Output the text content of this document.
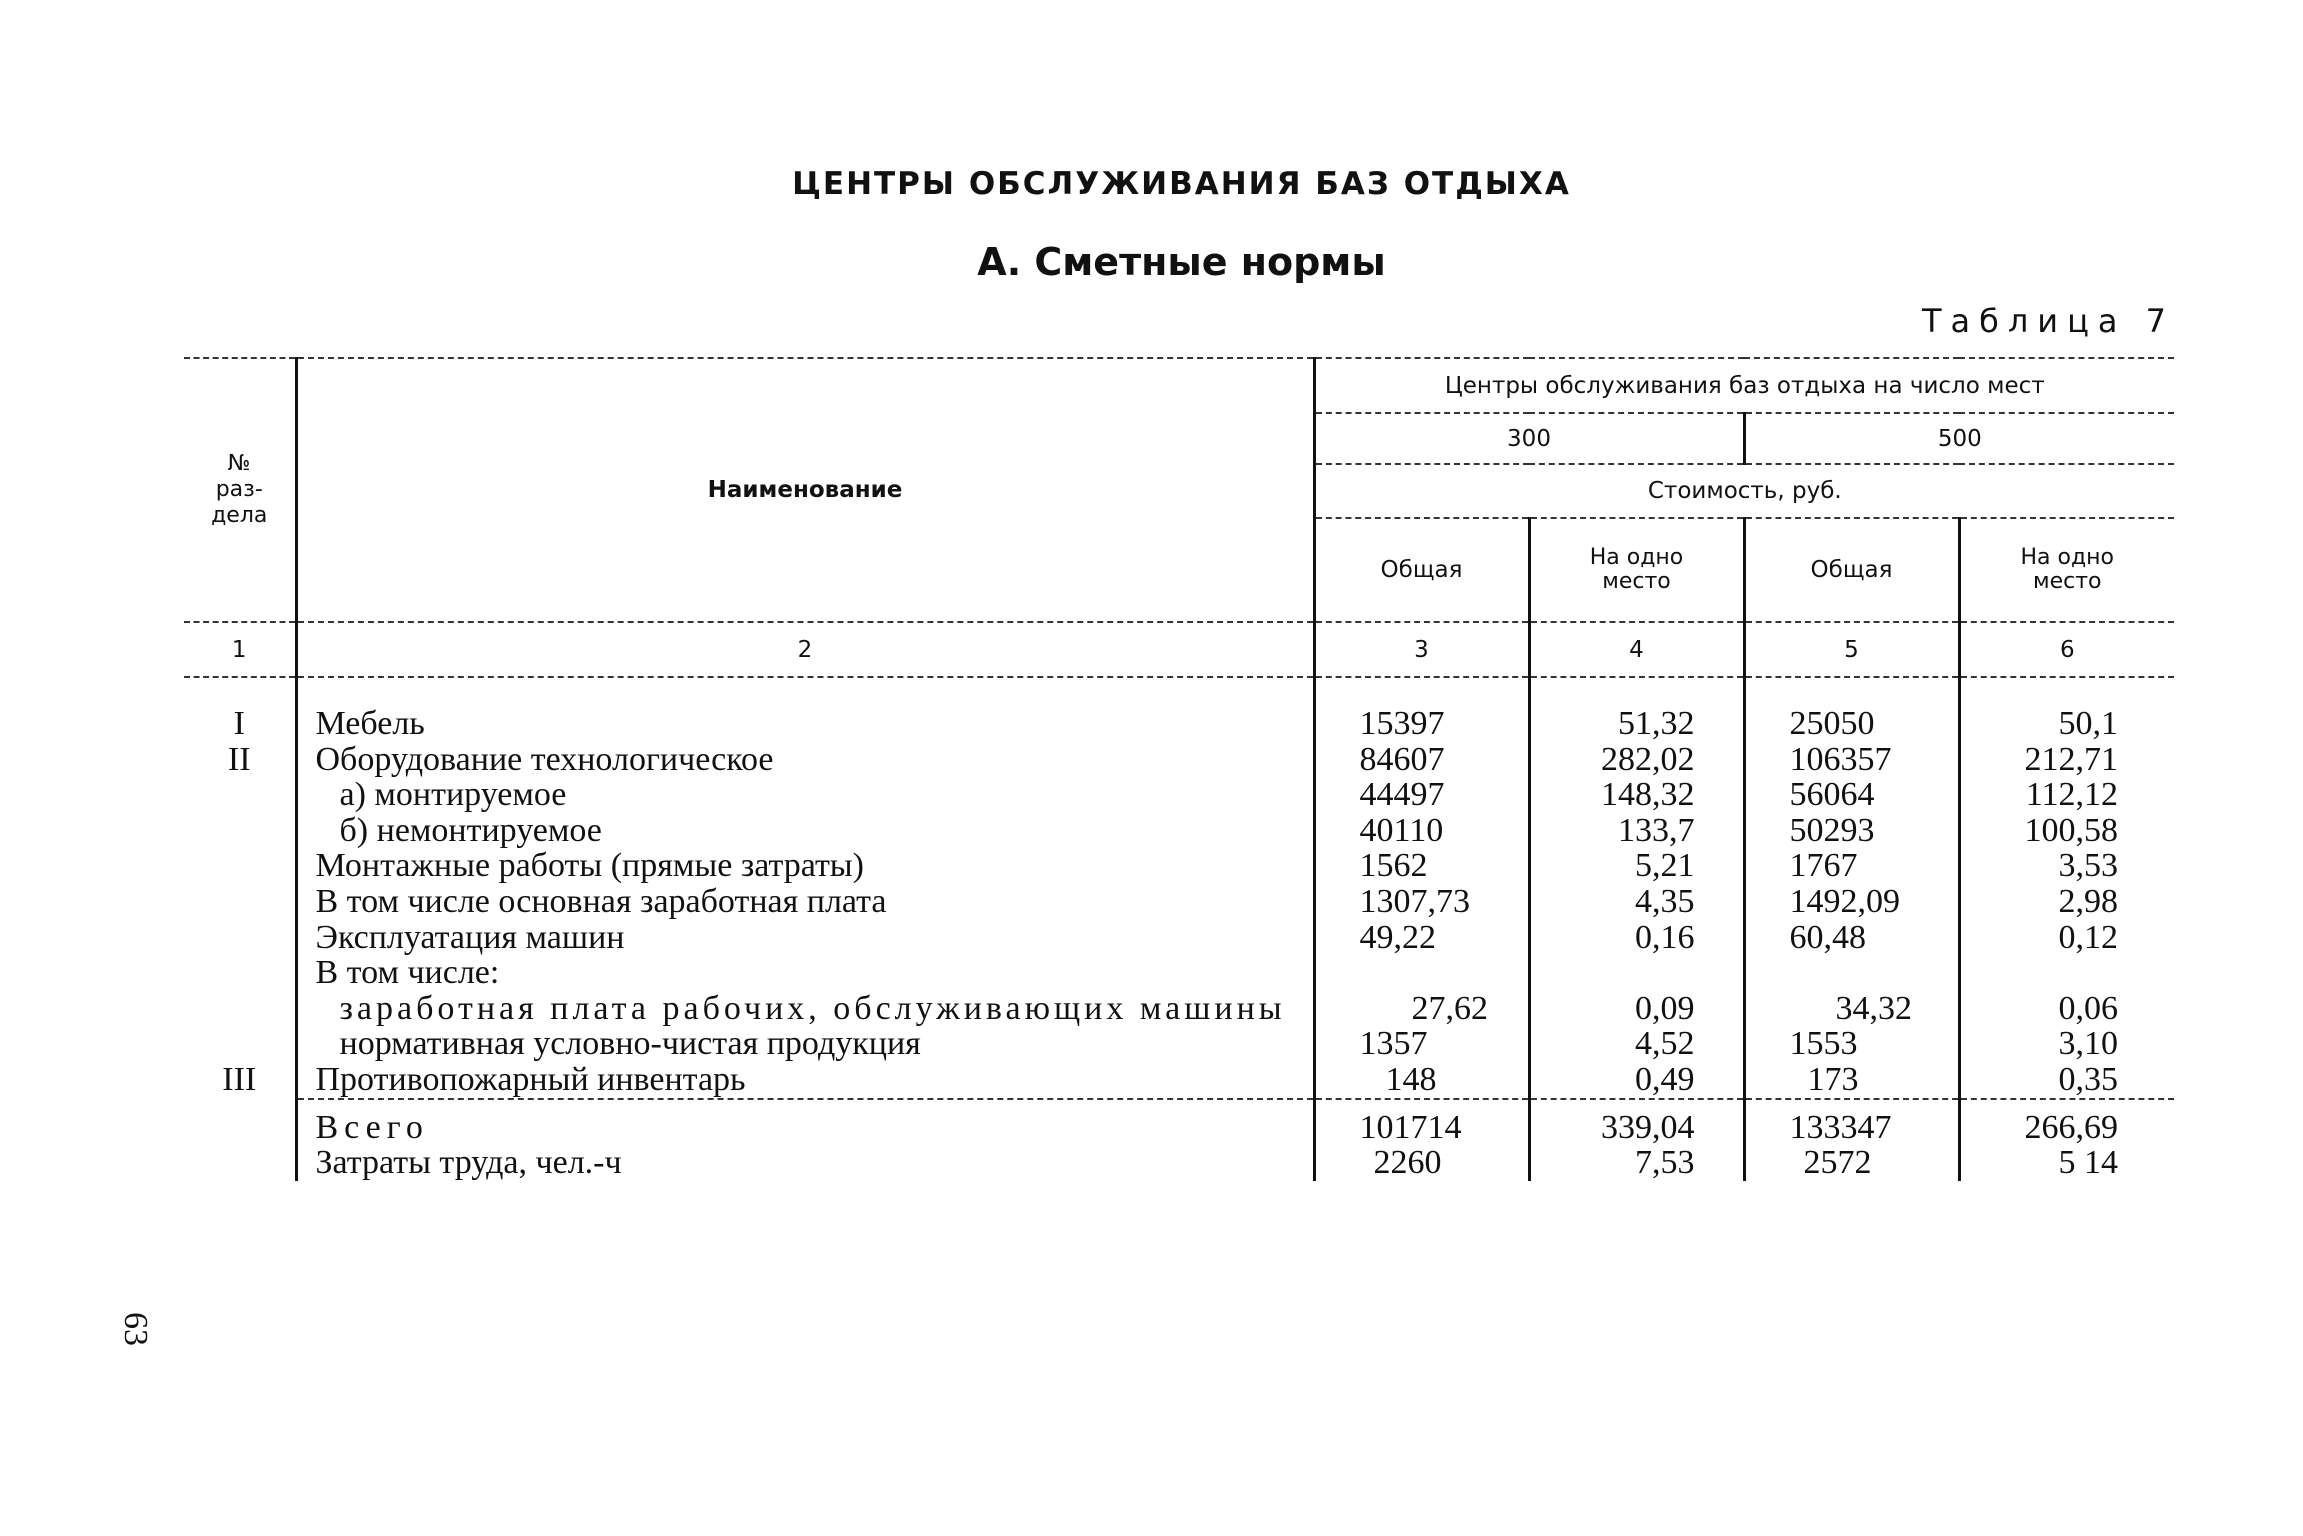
ЦЕНТРЫ ОБСЛУЖИВАНИЯ БАЗ ОТДЫХА
А. Сметные нормы
Таблица 7
№ раз- дела	Наименование	Центры обслуживания баз отдыха на число мест			
		300		500	
		Стоимость, руб.			
		Общая	На одно место	Общая	На одно место
1	2	3	4	5	6

I	Мебель	15397	51,32	25050	50,1
II	Оборудование технологическое	84607	282,02	106357	212,71
	а) монтируемое	44497	148,32	56064	112,12
	б) немонтируемое	40110	133,7	50293	100,58
	Монтажные работы (прямые затраты)	1562	5,21	1767	3,53
	В том числе основная заработная плата	1307,73	4,35	1492,09	2,98
	Эксплуатация машин	49,22	0,16	60,48	0,12
	В том числе:				
	заработная плата рабочих, обслуживающих машины	27,62	0,09	34,32	0,06
	нормативная условно-чистая продукция	1357	4,52	1553	3,10
III	Противопожарный инвентарь	148	0,49	173	0,35
	Всего	101714	339,04	133347	266,69
	Затраты труда, чел.-ч	2260	7,53	2572	5 14
63
